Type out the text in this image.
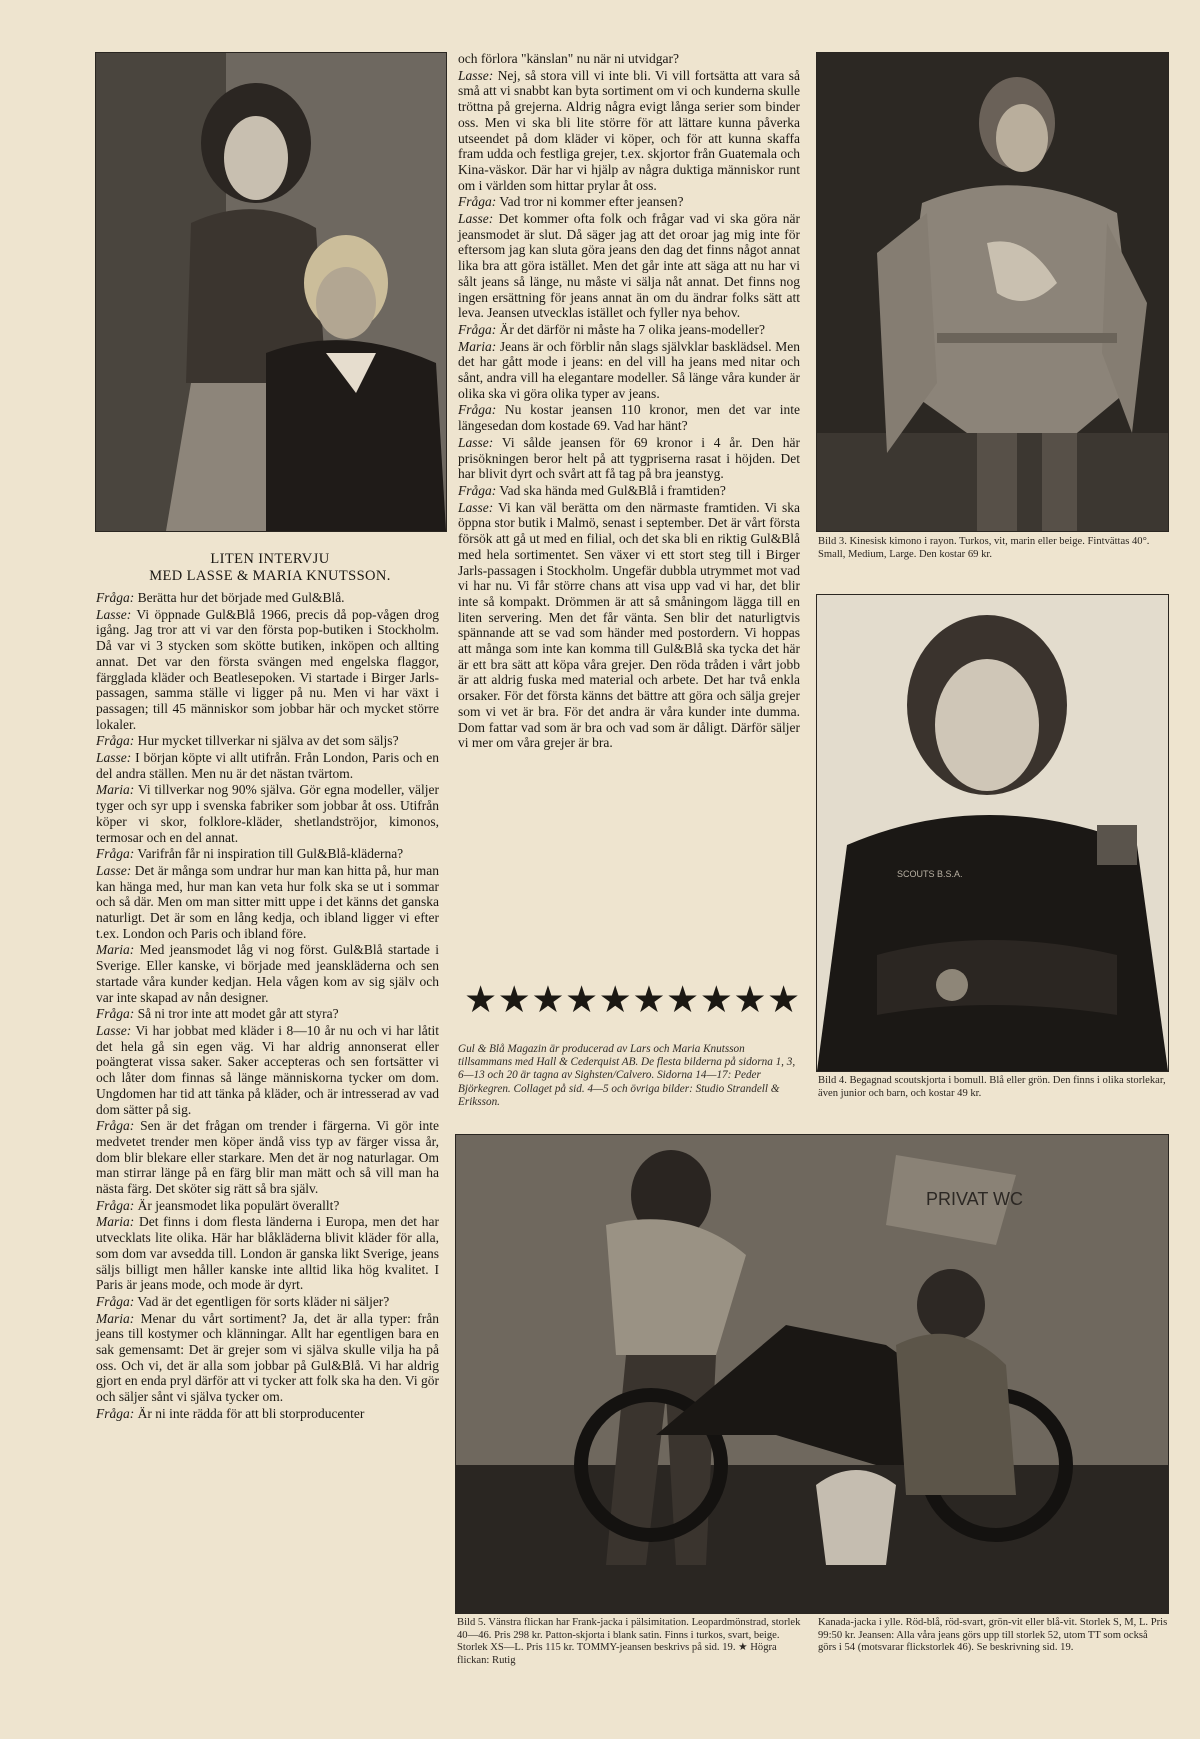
LITEN INTERVJU
MED LASSE & MARIA KNUTSSON.

Fråga: Berätta hur det började med Gul&Blå.

Lasse: Vi öppnade Gul&Blå 1966, precis då pop-vågen drog igång. Jag tror att vi var den första pop-butiken i Stockholm. Då var vi 3 stycken som skötte butiken, inköpen och allting annat. Det var den första svängen med engelska flaggor, färgglada kläder och Beatlesepoken. Vi startade i Birger Jarls-passagen, samma ställe vi ligger på nu. Men vi har växt i passagen; till 45 människor som jobbar här och mycket större lokaler.

Fråga: Hur mycket tillverkar ni själva av det som säljs?

Lasse: I början köpte vi allt utifrån. Från London, Paris och en del andra ställen. Men nu är det nästan tvärtom.

Maria: Vi tillverkar nog 90% själva. Gör egna modeller, väljer tyger och syr upp i svenska fabriker som jobbar åt oss. Utifrån köper vi skor, folklore-kläder, shetlandströjor, kimonos, termosar och en del annat.

Fråga: Varifrån får ni inspiration till Gul&Blå-kläderna?

Lasse: Det är många som undrar hur man kan hitta på, hur man kan hänga med, hur man kan veta hur folk ska se ut i sommar och så där. Men om man sitter mitt uppe i det känns det ganska naturligt. Det är som en lång kedja, och ibland ligger vi efter t.ex. London och Paris och ibland före.

Maria: Med jeansmodet låg vi nog först. Gul&Blå startade i Sverige. Eller kanske, vi började med jeanskläderna och sen startade våra kunder kedjan. Hela vågen kom av sig själv och var inte skapad av nån designer.

Fråga: Så ni tror inte att modet går att styra?

Lasse: Vi har jobbat med kläder i 8—10 år nu och vi har låtit det hela gå sin egen väg. Vi har aldrig annonserat eller poängterat vissa saker. Saker accepteras och sen fortsätter vi och låter dom finnas så länge människorna tycker om dom. Ungdomen har tid att tänka på kläder, och är intresserad av vad dom sätter på sig.

Fråga: Sen är det frågan om trender i färgerna. Vi gör inte medvetet trender men köper ändå viss typ av färger vissa år, dom blir blekare eller starkare. Men det är nog naturlagar. Om man stirrar länge på en färg blir man mätt och så vill man ha nästa färg. Det sköter sig rätt så bra själv.

Fråga: Är jeansmodet lika populärt överallt?

Maria: Det finns i dom flesta länderna i Europa, men det har utvecklats lite olika. Här har blåkläderna blivit kläder för alla, som dom var avsedda till. London är ganska likt Sverige, jeans säljs billigt men håller kanske inte alltid lika hög kvalitet. I Paris är jeans mode, och mode är dyrt.

Fråga: Vad är det egentligen för sorts kläder ni säljer?

Maria: Menar du vårt sortiment? Ja, det är alla typer: från jeans till kostymer och klänningar. Allt har egentligen bara en sak gemensamt: Det är grejer som vi själva skulle vilja ha på oss. Och vi, det är alla som jobbar på Gul&Blå. Vi har aldrig gjort en enda pryl därför att vi tycker att folk ska ha den. Vi gör och säljer sånt vi själva tycker om.

Fråga: Är ni inte rädda för att bli storproducenter

och förlora "känslan" nu när ni utvidgar?

Lasse: Nej, så stora vill vi inte bli. Vi vill fortsätta att vara så små att vi snabbt kan byta sortiment om vi och kunderna skulle tröttna på grejerna. Aldrig några evigt långa serier som binder oss. Men vi ska bli lite större för att lättare kunna påverka utseendet på dom kläder vi köper, och för att kunna skaffa fram udda och festliga grejer, t.ex. skjortor från Guatemala och Kina-väskor. Där har vi hjälp av några duktiga människor runt om i världen som hittar prylar åt oss.

Fråga: Vad tror ni kommer efter jeansen?

Lasse: Det kommer ofta folk och frågar vad vi ska göra när jeansmodet är slut. Då säger jag att det oroar jag mig inte för eftersom jag kan sluta göra jeans den dag det finns något annat lika bra att göra istället. Men det går inte att säga att nu har vi sålt jeans så länge, nu måste vi sälja nåt annat. Det finns nog ingen ersättning för jeans annat än om du ändrar folks sätt att leva. Jeansen utvecklas istället och fyller nya behov.

Fråga: Är det därför ni måste ha 7 olika jeans-modeller?

Maria: Jeans är och förblir nån slags självklar basklädsel. Men det har gått mode i jeans: en del vill ha jeans med nitar och sånt, andra vill ha elegantare modeller. Så länge våra kunder är olika ska vi göra olika typer av jeans.

Fråga: Nu kostar jeansen 110 kronor, men det var inte längesedan dom kostade 69. Vad har hänt?

Lasse: Vi sålde jeansen för 69 kronor i 4 år. Den här prisökningen beror helt på att tygpriserna rasat i höjden. Det har blivit dyrt och svårt att få tag på bra jeanstyg.

Fråga: Vad ska hända med Gul&Blå i framtiden?

Lasse: Vi kan väl berätta om den närmaste framtiden. Vi ska öppna stor butik i Malmö, senast i september. Det är vårt första försök att gå ut med en filial, och det ska bli en riktig Gul&Blå med hela sortimentet. Sen växer vi ett stort steg till i Birger Jarls-passagen i Stockholm. Ungefär dubbla utrymmet mot vad vi har nu. Vi får större chans att visa upp vad vi har, det blir inte så kompakt. Drömmen är att så småningom lägga till en liten servering. Men det får vänta. Sen blir det naturligtvis spännande att se vad som händer med postordern. Vi hoppas att många som inte kan komma till Gul&Blå ska tycka det här är ett bra sätt att köpa våra grejer. Den röda tråden i vårt jobb är att aldrig fuska med material och arbete. Det har två enkla orsaker. För det första känns det bättre att göra och sälja grejer som vi vet är bra. För det andra är våra kunder inte dumma. Dom fattar vad som är bra och vad som är dåligt. Därför säljer vi mer om våra grejer är bra.

★★★★★★★★★★
Gul & Blå Magazin är producerad av Lars och Maria Knutsson tillsammans med Hall & Cederquist AB. De flesta bilderna på sidorna 1, 3, 6—13 och 20 är tagna av Sighsten/Calvero. Sidorna 14—17: Peder Björkegren. Collaget på sid. 4—5 och övriga bilder: Studio Strandell & Eriksson.
Bild 3. Kinesisk kimono i rayon. Turkos, vit, marin eller beige. Fintvättas 40°. Small, Medium, Large. Den kostar 69 kr.
SCOUTS B.S.A.
Bild 4. Begagnad scoutskjorta i bomull. Blå eller grön. Den finns i olika storlekar, även junior och barn, och kostar 49 kr.
PRIVAT WC
Bild 5. Vänstra flickan har Frank-jacka i pälsimitation. Leopardmönstrad, storlek 40—46. Pris 298 kr. Patton-skjorta i blank satin. Finns i turkos, svart, beige. Storlek XS—L. Pris 115 kr. TOMMY-jeansen beskrivs på sid. 19. ★ Högra flickan: Rutig
Kanada-jacka i ylle. Röd-blå, röd-svart, grön-vit eller blå-vit. Storlek S, M, L. Pris 99:50 kr. Jeansen: Alla våra jeans görs upp till storlek 52, utom TT som också görs i 54 (motsvarar flickstorlek 46). Se beskrivning sid. 19.
